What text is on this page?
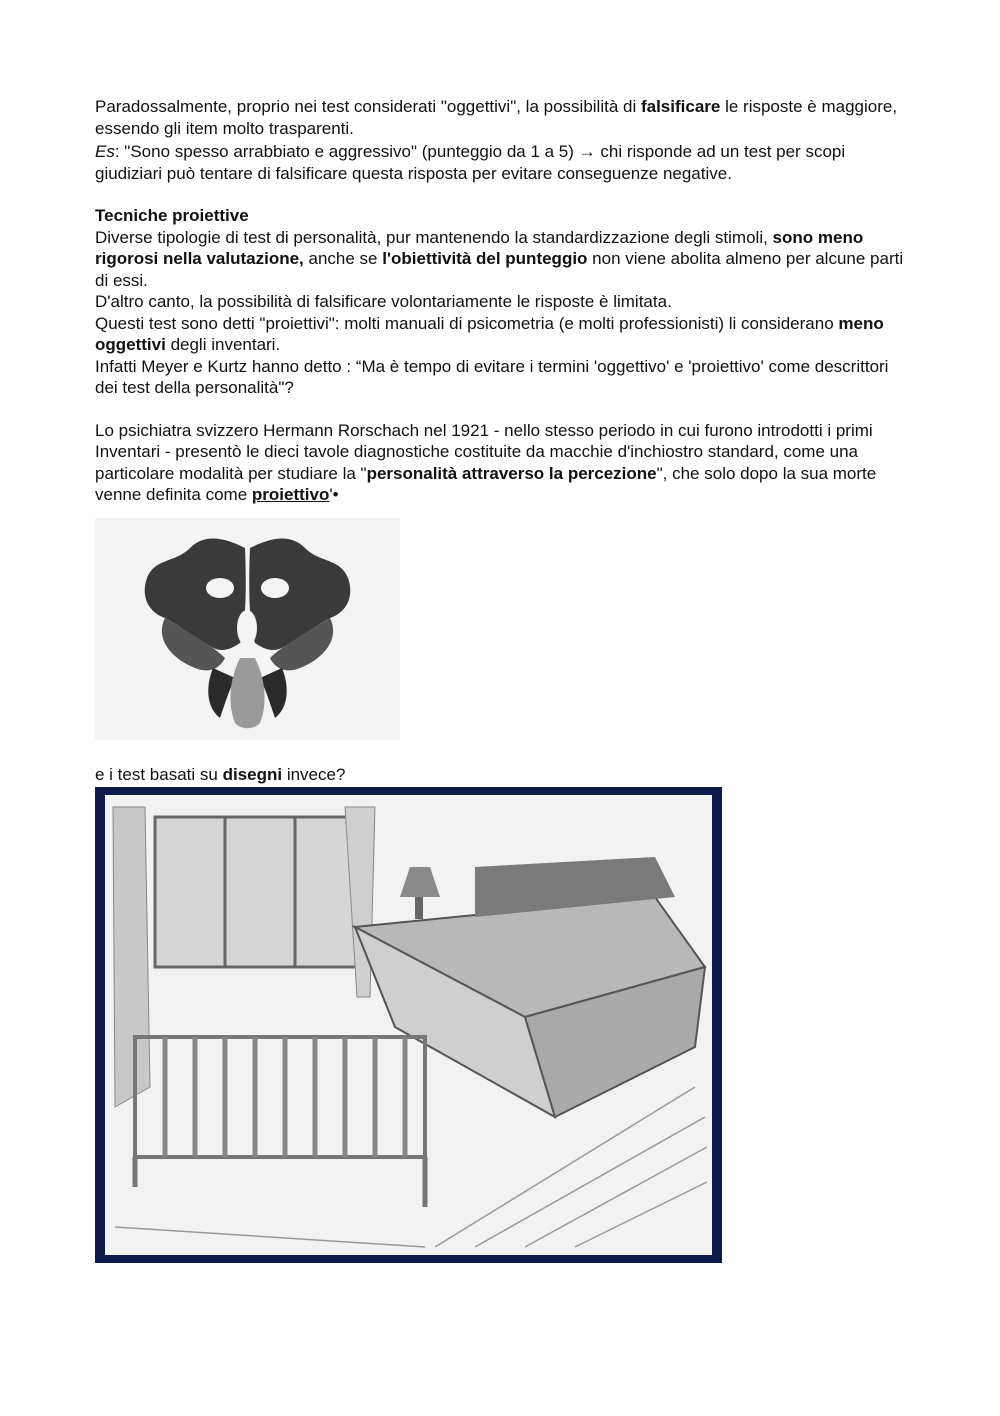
Paradossalmente, proprio nei test considerati "oggettivi", la possibilità di falsificare le risposte è maggiore, essendo gli item molto trasparenti.

Es: "Sono spesso arrabbiato e aggressivo" (punteggio da 1 a 5) → chi risponde ad un test per scopi giudiziari può tentare di falsificare questa risposta per evitare conseguenze negative.

Tecniche proiettive

Diverse tipologie di test di personalità, pur mantenendo la standardizzazione degli stimoli, sono meno rigorosi nella valutazione, anche se l'obiettività del punteggio non viene abolita almeno per alcune parti di essi.

D'altro canto, la possibilità di falsificare volontariamente le risposte è limitata.

Questi test sono detti "proiettivi": molti manuali di psicometria (e molti professionisti) li considerano meno
oggettivi degli inventari.

Infatti Meyer e Kurtz hanno detto : “Ma è tempo di evitare i termini 'oggettivo' e 'proiettivo' come descrittori dei test della personalità"?

Lo psichiatra svizzero Hermann Rorschach nel 1921 - nello stesso periodo in cui furono introdotti i primi

Inventari - presentò le dieci tavole diagnostiche costituite da macchie d'inchiostro standard, come una particolare modalità per studiare la "personalità attraverso la percezione", che solo dopo la sua morte venne definita come proiettivo'•

e i test basati su disegni invece?
